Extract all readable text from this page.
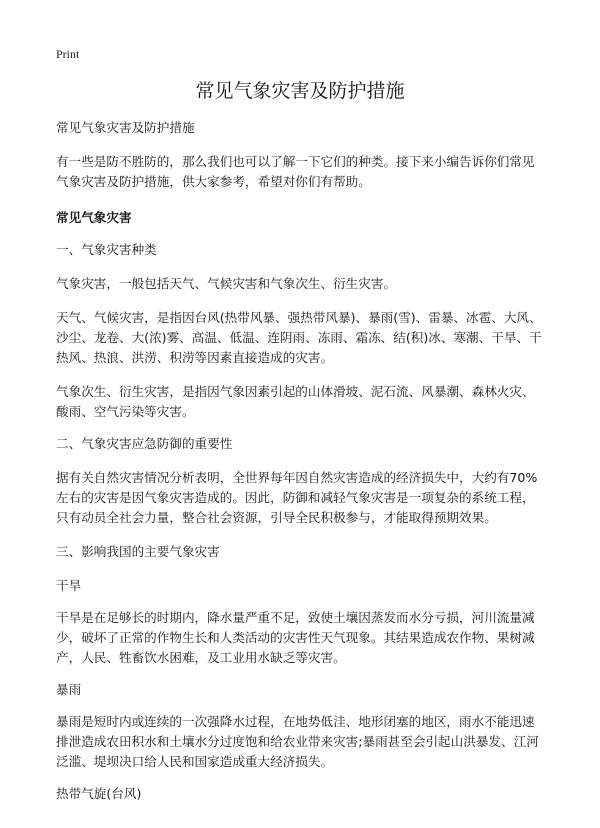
Print
常见气象灾害及防护措施

常见气象灾害及防护措施

有一些是防不胜防的，那么我们也可以了解一下它们的种类。接下来小编告诉你们常见气象灾害及防护措施，供大家参考，希望对你们有帮助。

常见气象灾害

一、气象灾害种类

气象灾害，一般包括天气、气候灾害和气象次生、衍生灾害。

天气、气候灾害，是指因台风(热带风暴、强热带风暴)、暴雨(雪)、雷暴、冰雹、大风、沙尘、龙卷、大(浓)雾、高温、低温、连阴雨、冻雨、霜冻、结(积)冰、寒潮、干旱、干热风、热浪、洪涝、积涝等因素直接造成的灾害。

气象次生、衍生灾害，是指因气象因素引起的山体滑坡、泥石流、风暴潮、森林火灾、酸雨、空气污染等灾害。

二、气象灾害应急防御的重要性

据有关自然灾害情况分析表明，全世界每年因自然灾害造成的经济损失中，大约有70%左右的灾害是因气象灾害造成的。因此，防御和减轻气象灾害是一项复杂的系统工程，只有动员全社会力量，整合社会资源，引导全民积极参与，才能取得预期效果。

三、影响我国的主要气象灾害

干旱

干旱是在足够长的时期内，降水量严重不足，致使土壤因蒸发而水分亏损，河川流量减少，破坏了正常的作物生长和人类活动的灾害性天气现象。其结果造成农作物、果树减产，人民、牲畜饮水困难，及工业用水缺乏等灾害。

暴雨

暴雨是短时内或连续的一次强降水过程，在地势低洼、地形闭塞的地区，雨水不能迅速排泄造成农田积水和土壤水分过度饱和给农业带来灾害;暴雨甚至会引起山洪暴发、江河泛滥、堤坝决口给人民和国家造成重大经济损失。

热带气旋(台风)
